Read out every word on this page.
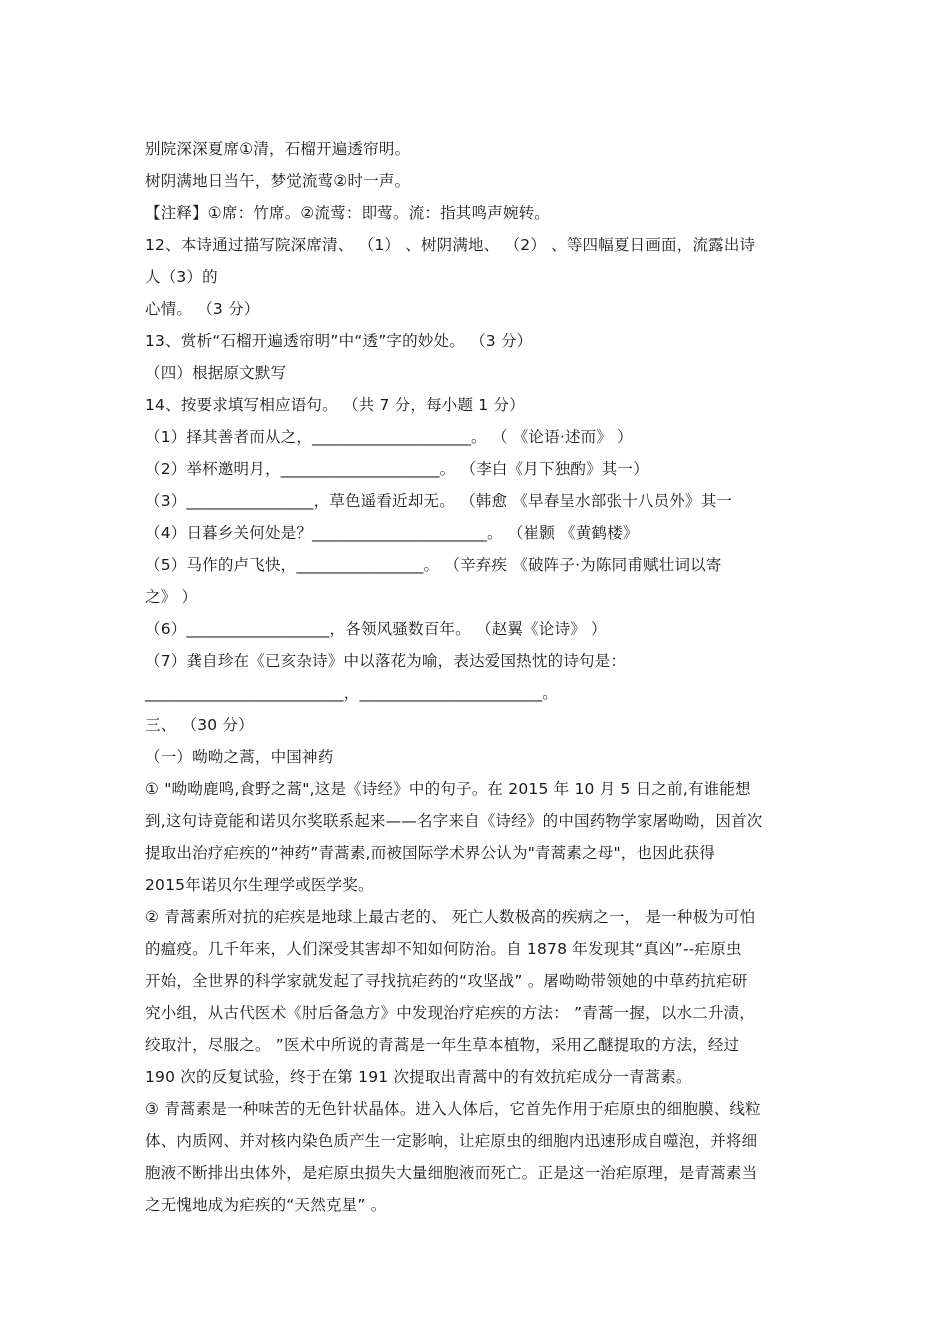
别院深深夏席①清，石榴开遍透帘明。
树阴满地日当午，梦觉流莺②时一声。
【注释】①席：竹席。②流莺：即莺。流：指其鸣声婉转。
12、本诗通过描写院深席清、 （1） 、树阴满地、 （2） 、等四幅夏日画面，流露出诗
人（3）的
心情。 （3 分）
13、赏析“石榴开遍透帘明”中“透”字的妙处。 （3 分）
（四）根据原文默写
14、按要求填写相应语句。 （共 7 分，每小题 1 分）
（1）择其善者而从之，____________________。 （ 《论语·述而》 ）
（2）举杯邀明月，____________________。 （李白《月下独酌》其一）
（3）________________，草色遥看近却无。 （韩愈 《早春呈水部张十八员外》其一
（4）日暮乡关何处是？______________________。 （崔颢 《黄鹤楼》
（5）马作的卢飞快，________________。 （辛弃疾 《破阵子·为陈同甫赋壮词以寄
之》 ）
（6）__________________，各领风骚数百年。 （赵翼《论诗》 ）
（7）龚自珍在《已亥杂诗》中以落花为喻，表达爱国热忱的诗句是：
_________________________，_______________________。
三、 （30 分）
（一）呦呦之蒿，中国神药
① "呦呦鹿鸣,食野之蒿",这是《诗经》中的句子。在 2015 年 10 月 5 日之前,有谁能想
到,这句诗竟能和诺贝尔奖联系起来——名字来自《诗经》的中国药物学家屠呦呦，因首次
提取出治疗疟疾的“神药”青蒿素,而被国际学术界公认为"青蒿素之母"，也因此获得
2015年诺贝尔生理学或医学奖。
② 青蒿素所对抗的疟疾是地球上最古老的、 死亡人数极高的疾病之一， 是一种极为可怕
的瘟疫。几千年来，人们深受其害却不知如何防治。自 1878 年发现其“真凶”--疟原虫
开始，全世界的科学家就发起了寻找抗疟药的“攻坚战” 。屠呦呦带领她的中草药抗疟研
究小组，从古代医术《肘后备急方》中发现治疗疟疾的方法： ”青蒿一握，以水二升渍，
绞取汁，尽服之。 ”医术中所说的青蒿是一年生草本植物，采用乙醚提取的方法，经过
190 次的反复试验，终于在第 191 次提取出青蒿中的有效抗疟成分一青蒿素。
③ 青蒿素是一种味苦的无色针状晶体。进入人体后，它首先作用于疟原虫的细胞膜、线粒
体、内质网、并对核内染色质产生一定影响，让疟原虫的细胞内迅速形成自噬泡，并将细
胞液不断排出虫体外，是疟原虫损失大量细胞液而死亡。正是这一治疟原理，是青蒿素当
之无愧地成为疟疾的“天然克星” 。
